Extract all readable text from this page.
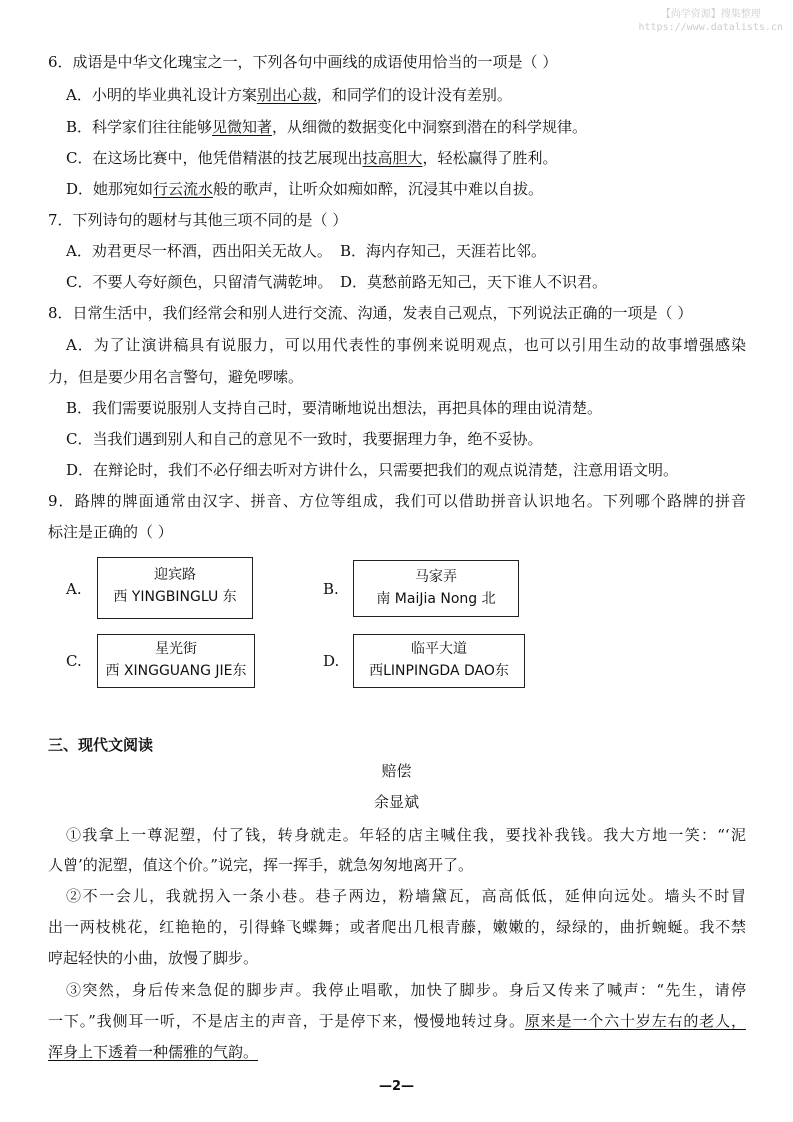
【尚学资源】搜集整理
https://www.datalists.cn
6．成语是中华文化瑰宝之一，下列各句中画线的成语使用恰当的一项是（ ）
A．小明的毕业典礼设计方案别出心裁，和同学们的设计没有差别。
B．科学家们往往能够见微知著，从细微的数据变化中洞察到潜在的科学规律。
C．在这场比赛中，他凭借精湛的技艺展现出技高胆大，轻松赢得了胜利。
D．她那宛如行云流水般的歌声，让听众如痴如醉，沉浸其中难以自拔。
7．下列诗句的题材与其他三项不同的是（ ）
A．劝君更尽一杯酒，西出阳关无故人。 B．海内存知己，天涯若比邻。
C．不要人夸好颜色，只留清气满乾坤。 D．莫愁前路无知己，天下谁人不识君。
8．日常生活中，我们经常会和别人进行交流、沟通，发表自己观点，下列说法正确的一项是（ ）
A．为了让演讲稿具有说服力，可以用代表性的事例来说明观点，也可以引用生动的故事增强感染
力，但是要少用名言警句，避免啰嗦。
B．我们需要说服别人支持自己时，要清晰地说出想法，再把具体的理由说清楚。
C．当我们遇到别人和自己的意见不一致时，我要据理力争，绝不妥协。
D．在辩论时，我们不必仔细去听对方讲什么，只需要把我们的观点说清楚，注意用语文明。
9．路牌的牌面通常由汉字、拼音、方位等组成，我们可以借助拼音认识地名。下列哪个路牌的拼音
标注是正确的（ ）
A.
迎宾路
西 YINGBINGLU 东	B.
马家弄
南 MaiJia Nong 北
C.
星光街
西 XINGGUANG JIE东
D.
临平大道
西LINPINGDA DAO东
三、现代文阅读
赔偿
余显斌
①我拿上一尊泥塑，付了钱，转身就走。年轻的店主喊住我，要找补我钱。我大方地一笑：“‘泥
人曾’的泥塑，值这个价。”说完，挥一挥手，就急匆匆地离开了。
②不一会儿，我就拐入一条小巷。巷子两边，粉墙黛瓦，高高低低，延伸向远处。墙头不时冒
出一两枝桃花，红艳艳的，引得蜂飞蝶舞；或者爬出几根青藤，嫩嫩的，绿绿的，曲折蜿蜒。我不禁
哼起轻快的小曲，放慢了脚步。
③突然，身后传来急促的脚步声。我停止唱歌，加快了脚步。身后又传来了喊声：“先生，请停
一下。”我侧耳一听，不是店主的声音，于是停下来，慢慢地转过身。原来是一个六十岁左右的老人，
浑身上下透着一种儒雅的气韵。
—2—
